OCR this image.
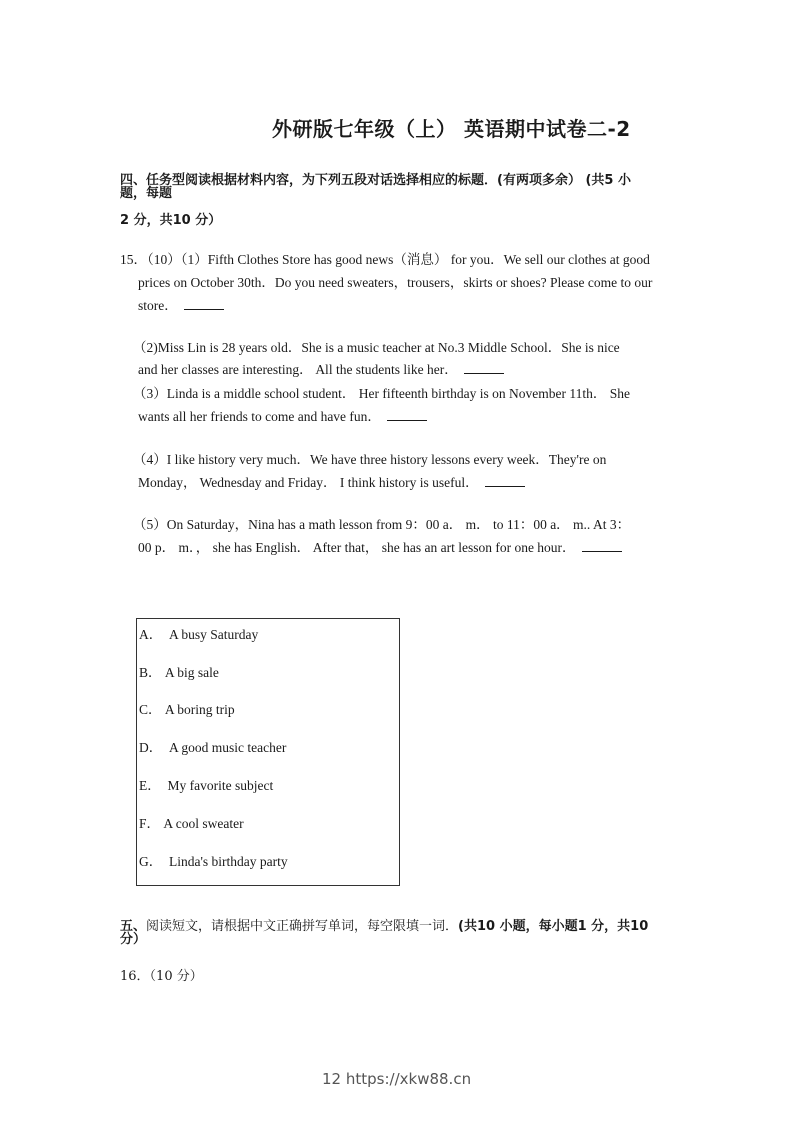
外研版七年级（上） 英语期中试卷二-2
四、任务型阅读根据材料内容，为下列五段对话选择相应的标题．(有两项多余） (共5 小
题，每题
2 分，共10 分）
15．（10）（1）Fifth Clothes Store has good news（消息） for you．We sell our clothes at good
prices on October 30th．Do you need sweaters，trousers，skirts or shoes? Please come to our
store．
（2)Miss Lin is 28 years old．She is a music teacher at No.3 Middle School．She is nice
and her classes are interesting． All the students like her．
（3）Linda is a middle school student． Her fifteenth birthday is on November 11th． She
wants all her friends to come and have fun．
（4）I like history very much．We have three history lessons every week．They're on
Monday， Wednesday and Friday． I think history is useful．
（5）On Saturday，Nina has a math lesson from 9：00 a． m． to 11：00 a． m.. At 3：
00 p． m．， she has English． After that， she has an art lesson for one hour．
A． A busy Saturday
B． A big sale
C． A boring trip
D． A good music teacher
E． My favorite subject
F． A cool sweater
G． Linda's birthday party
五、阅读短文，请根据中文正确拼写单词，每空限填一词．(共10 小题，每小题1 分，共10
分）
16．（10 分）
12 https://xkw88.cn
